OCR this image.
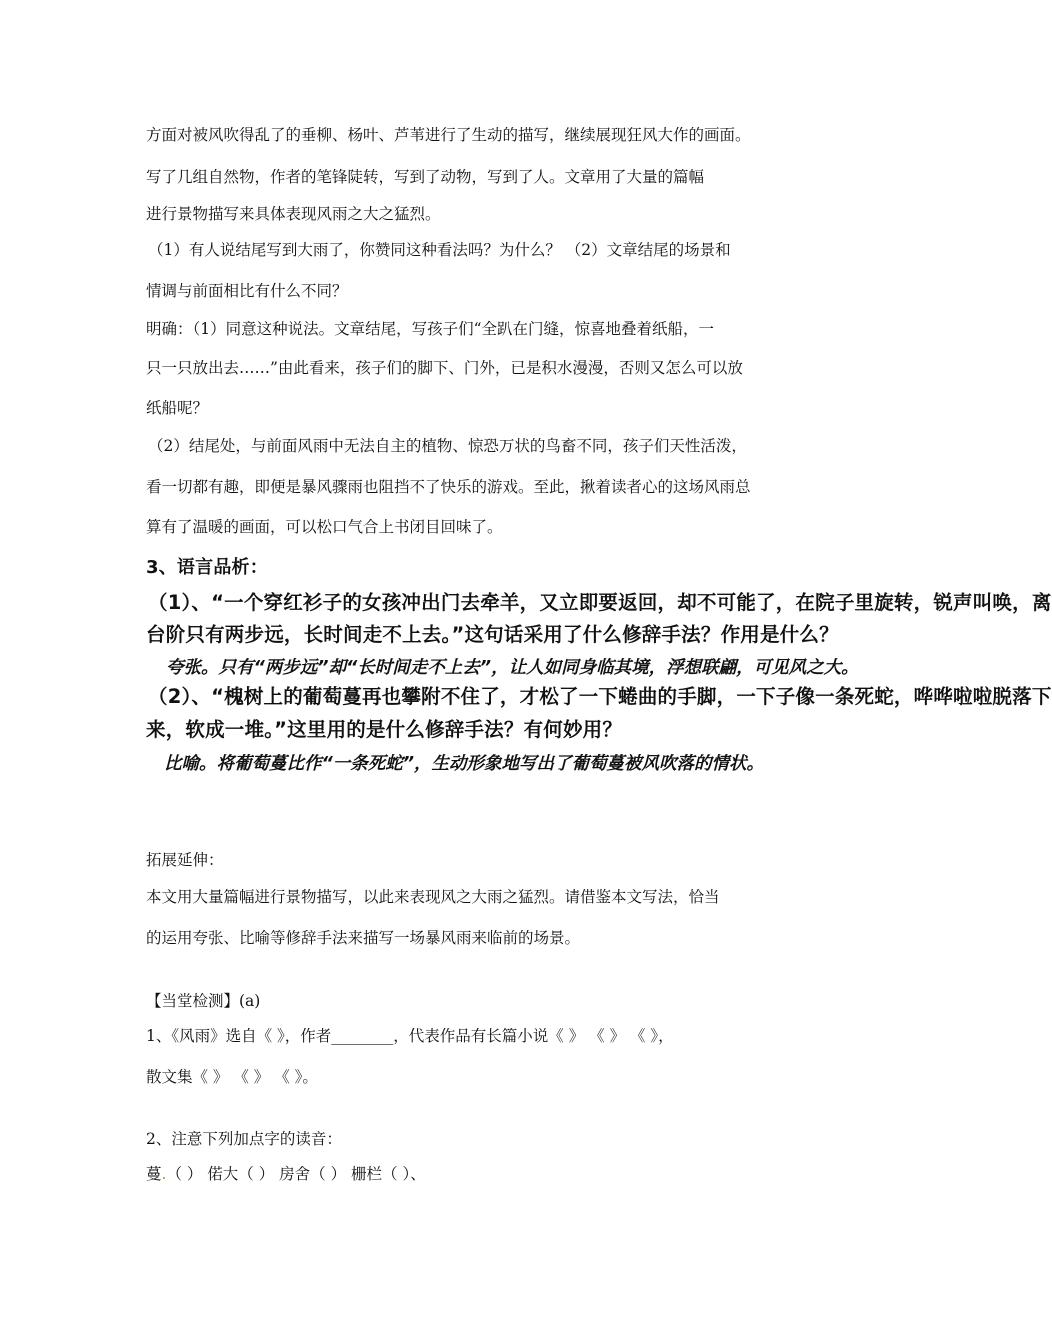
方面对被风吹得乱了的垂柳、杨叶、芦苇进行了生动的描写，继续展现狂风大作的画面。
写了几组自然物，作者的笔锋陡转，写到了动物，写到了人。文章用了大量的篇幅
进行景物描写来具体表现风雨之大之猛烈。
（1）有人说结尾写到大雨了，你赞同这种看法吗？为什么？ （2）文章结尾的场景和
情调与前面相比有什么不同？
明确：（1）同意这种说法。文章结尾，写孩子们“全趴在门缝，惊喜地叠着纸船，一
只一只放出去……”由此看来，孩子们的脚下、门外，已是积水漫漫，否则又怎么可以放
纸船呢？
（2）结尾处，与前面风雨中无法自主的植物、惊恐万状的鸟畜不同，孩子们天性活泼，
看一切都有趣，即便是暴风骤雨也阻挡不了快乐的游戏。至此，揪着读者心的这场风雨总
算有了温暖的画面，可以松口气合上书闭目回味了。
3、语言品析：
（1）、“一个穿红衫子的女孩冲出门去牵羊，又立即要返回，却不可能了，在院子里旋转，锐声叫唤，离
台阶只有两步远，长时间走不上去。”这句话采用了什么修辞手法？作用是什么？
夸张。只有“两步远”却“长时间走不上去”，让人如同身临其境，浮想联翩，可见风之大。
（2）、“槐树上的葡萄蔓再也攀附不住了，才松了一下蜷曲的手脚，一下子像一条死蛇，哗哗啦啦脱落下
来，软成一堆。”这里用的是什么修辞手法？有何妙用？
比喻。将葡萄蔓比作“一条死蛇”，生动形象地写出了葡萄蔓被风吹落的情状。
拓展延伸：
本文用大量篇幅进行景物描写，以此来表现风之大雨之猛烈。请借鉴本文写法，恰当
的运用夸张、比喻等修辞手法来描写一场暴风雨来临前的场景。
【当堂检测】(a)
1、《风雨》选自《 》，作者________，代表作品有长篇小说《 》 《 》 《 》，
散文集《 》 《 》 《 》。
2、注意下列加点字的读音：
蔓.（ ） 偌大（ ） 房舍（ ） 栅栏（ ）、
